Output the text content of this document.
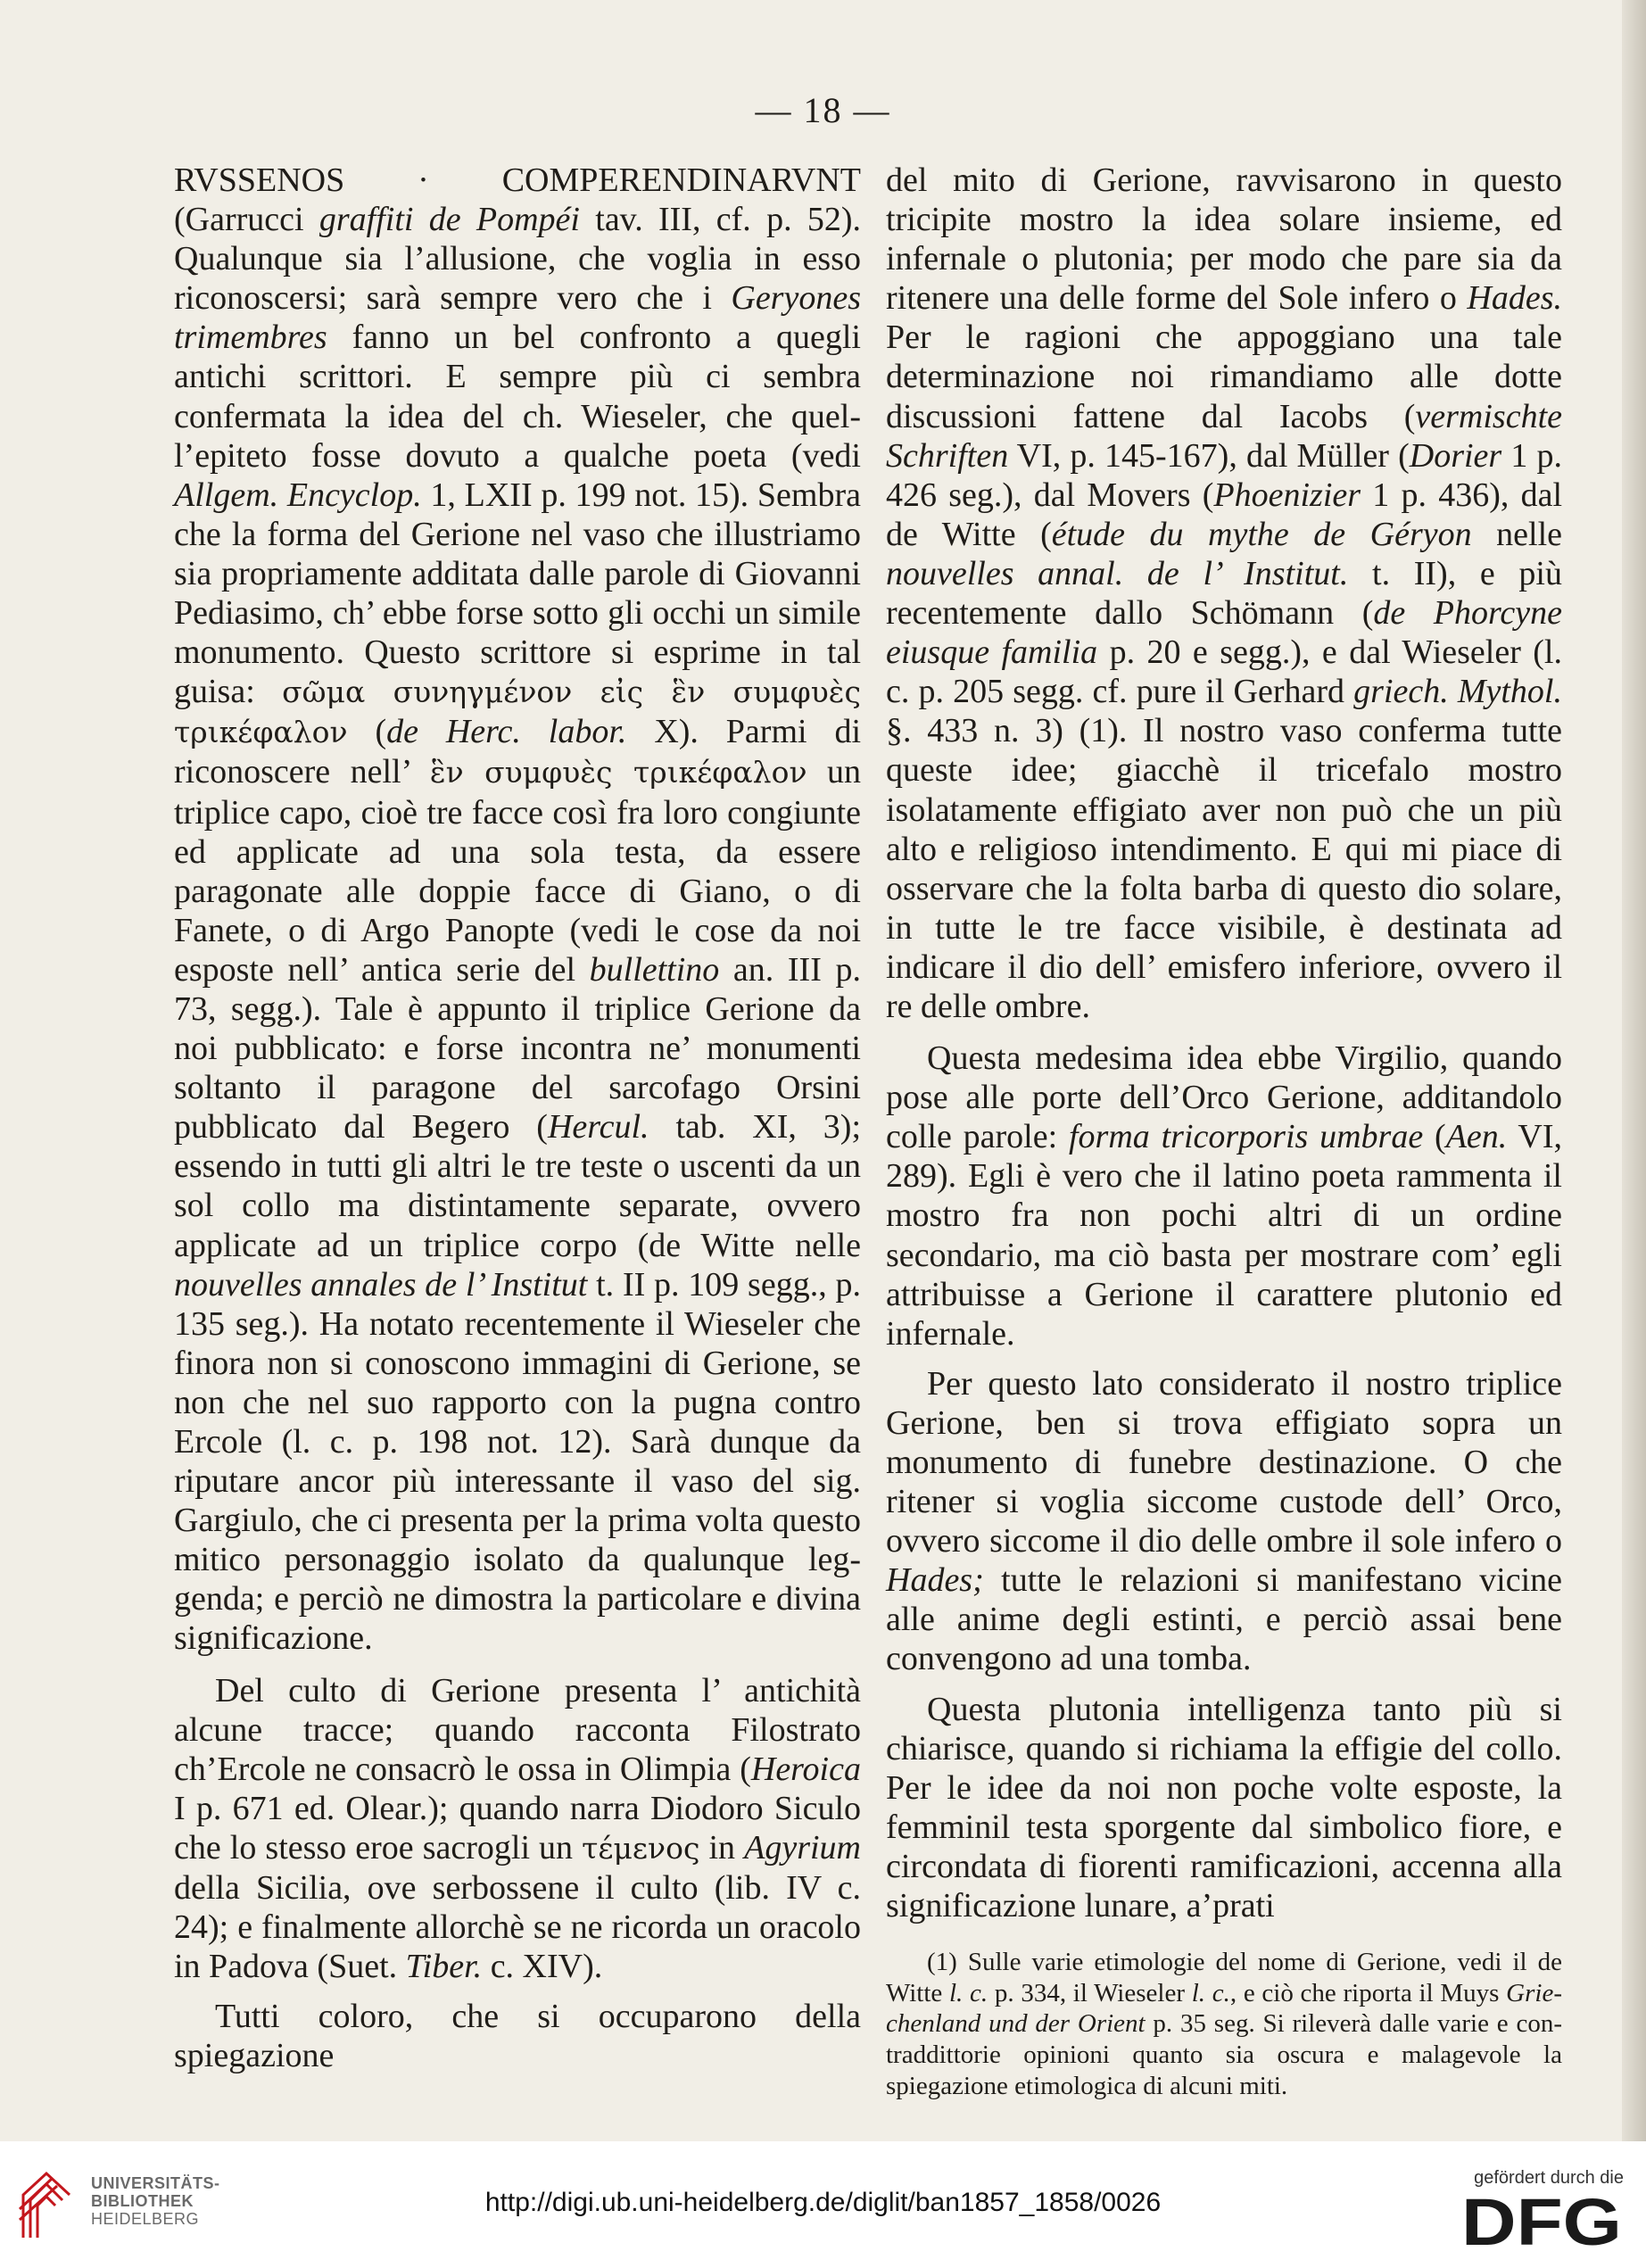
— 18 —

RVSSENOS · COMPERENDINARVNT (Garrucci graffiti de Pompéi tav. III, cf. p. 52). Qualunque sia l’allusione, che voglia in esso riconoscersi; sarà sempre vero che i Geryones trimembres fanno un bel confronto a quegli antichi scrittori. E sempre più ci sembra confermata la idea del ch. Wieseler, che quell’epiteto fosse dovuto a qualche poeta (vedi Allgem. Encyclop. 1, LXII p. 199 not. 15). Sembra che la forma del Gerione nel vaso che illustriamo sia propriamente additata dalle parole di Giovanni Pediasimo, ch’ ebbe forse sotto gli occhi un simile monumento. Questo scrittore si esprime in tal guisa: σῶμα συνηγμένον εἰς ἓν συμφυὲς τρικέφαλον (de Herc. labor. X). Parmi di riconoscere nell’ ἓν συμφυὲς τρικέφαλον un triplice capo, cioè tre facce così fra loro congiunte ed applicate ad una sola testa, da essere paragonate alle doppie facce di Giano, o di Fanete, o di Argo Panopte (vedi le cose da noi esposte nell’ antica serie del bullettino an. III p. 73, segg.). Tale è appunto il triplice Gerione da noi pubblicato: e forse incontra ne’ monumenti soltanto il paragone del sarcofago Orsini pubblicato dal Begero (Hercul. tab. XI, 3); essendo in tutti gli altri le tre teste o uscenti da un sol collo ma distintamente separate, ovvero applicate ad un triplice corpo (de Witte nelle nouvelles annales de l’ Institut t. II p. 109 segg., p. 135 seg.). Ha notato recentemente il Wieseler che finora non si conoscono immagini di Gerione, se non che nel suo rapporto con la pugna contro Ercole (l. c. p. 198 not. 12). Sarà dunque da riputare ancor più interessante il vaso del sig. Gargiulo, che ci presenta per la prima volta questo mitico personaggio isolato da qualunque leggenda; e perciò ne dimostra la particolare e divina significazione.

Del culto di Gerione presenta l’ antichità alcune tracce; quando racconta Filostrato ch’Ercole ne consacrò le ossa in Olimpia (Heroica I p. 671 ed. Olear.); quando narra Diodoro Siculo che lo stesso eroe sacrogli un τέμενος in Agyrium della Sicilia, ove serbossene il culto (lib. IV c. 24); e finalmente allorchè se ne ricorda un oracolo in Padova (Suet. Tiber. c. XIV).

Tutti coloro, che si occuparono della spiegazione

del mito di Gerione, ravvisarono in questo tricipite mostro la idea solare insieme, ed infernale o plutonia; per modo che pare sia da ritenere una delle forme del Sole infero o Hades. Per le ragioni che appoggiano una tale determinazione noi rimandiamo alle dotte discussioni fattene dal Iacobs (vermischte Schriften VI, p. 145-167), dal Müller (Dorier 1 p. 426 seg.), dal Movers (Phoenizier 1 p. 436), dal de Witte (étude du mythe de Géryon nelle nouvelles annal. de l’ Institut. t. II), e più recentemente dallo Schömann (de Phorcyne eiusque familia p. 20 e segg.), e dal Wieseler (l. c. p. 205 segg. cf. pure il Gerhard griech. Mythol. §. 433 n. 3) (1). Il nostro vaso conferma tutte queste idee; giacchè il tricefalo mostro isolatamente effigiato aver non può che un più alto e religioso intendimento. E qui mi piace di osservare che la folta barba di questo dio solare, in tutte le tre facce visibile, è destinata ad indicare il dio dell’ emisfero inferiore, ovvero il re delle ombre.

Questa medesima idea ebbe Virgilio, quando pose alle porte dell’Orco Gerione, additandolo colle parole: forma tricorporis umbrae (Aen. VI, 289). Egli è vero che il latino poeta rammenta il mostro fra non pochi altri di un ordine secondario, ma ciò basta per mostrare com’ egli attribuisse a Gerione il carattere plutonio ed infernale.

Per questo lato considerato il nostro triplice Gerione, ben si trova effigiato sopra un monumento di funebre destinazione. O che ritener si voglia siccome custode dell’ Orco, ovvero siccome il dio delle ombre il sole infero o Hades; tutte le relazioni si manifestano vicine alle anime degli estinti, e perciò assai bene convengono ad una tomba.

Questa plutonia intelligenza tanto più si chiarisce, quando si richiama la effigie del collo. Per le idee da noi non poche volte esposte, la femminil testa sporgente dal simbolico fiore, e circondata di fiorenti ramificazioni, accenna alla significazione lunare, a’prati

(1) Sulle varie etimologie del nome di Gerione, vedi il de Witte l. c. p. 334, il Wieseler l. c., e ciò che riporta il Muys Griechenland und der Orient p. 35 seg. Si rileverà dalle varie e contraddittorie opinioni quanto sia oscura e malagevole la spiegazione etimologica di alcuni miti.
UNIVERSITÄTS-
BIBLIOTHEK
HEIDELBERG
http://digi.ub.uni-heidelberg.de/diglit/ban1857_1858/0026
gefördert durch die
DFG
